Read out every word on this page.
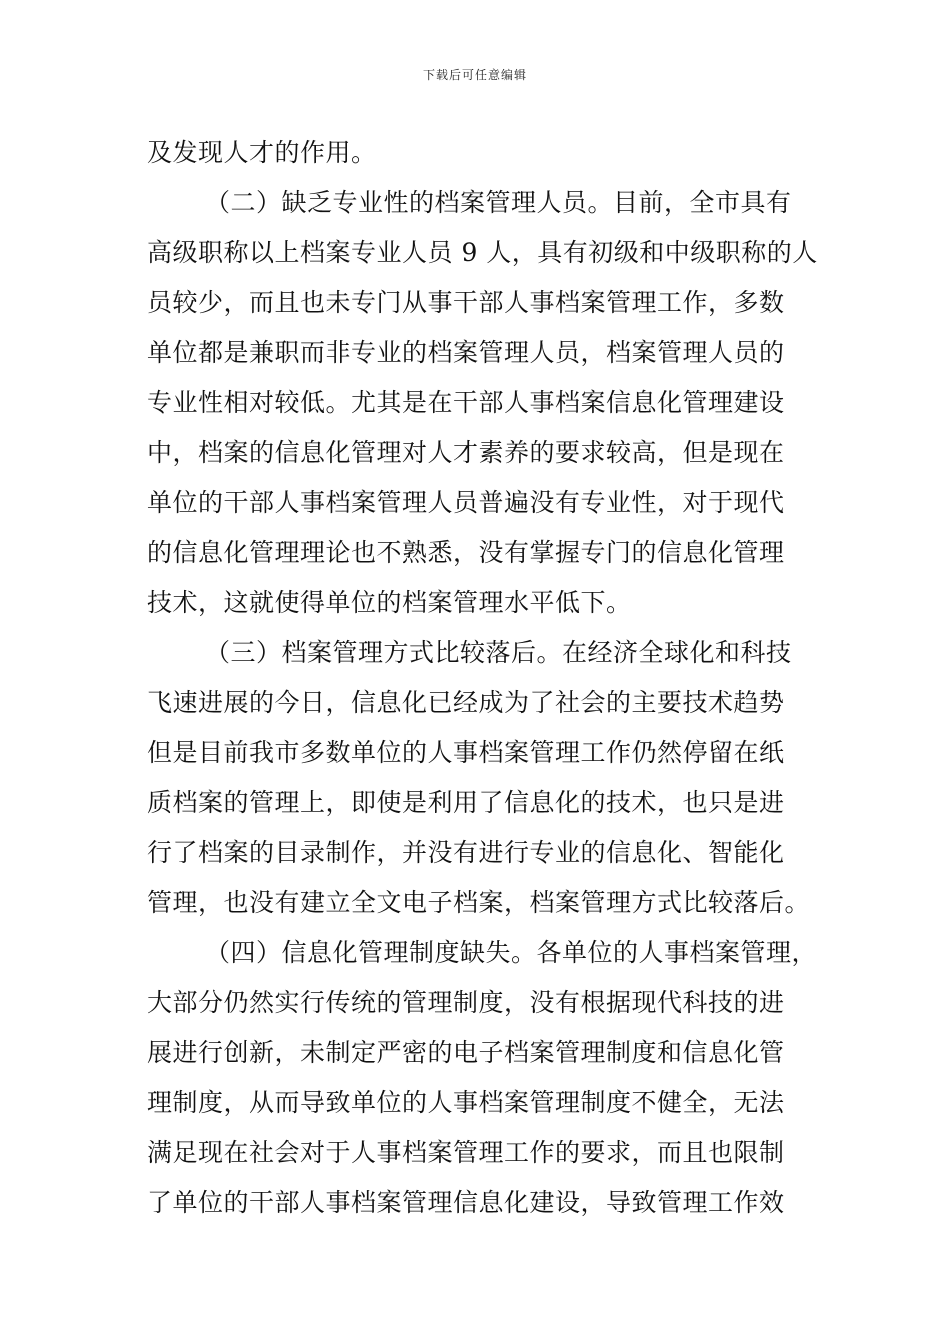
下载后可任意编辑
及发现人才的作用。
（二）缺乏专业性的档案管理人员。目前，全市具有
高级职称以上档案专业人员 9 人，具有初级和中级职称的人
员较少，而且也未专门从事干部人事档案管理工作，多数
单位都是兼职而非专业的档案管理人员，档案管理人员的
专业性相对较低。尤其是在干部人事档案信息化管理建设
中，档案的信息化管理对人才素养的要求较高，但是现在
单位的干部人事档案管理人员普遍没有专业性，对于现代
的信息化管理理论也不熟悉，没有掌握专门的信息化管理
技术，这就使得单位的档案管理水平低下。
（三）档案管理方式比较落后。在经济全球化和科技
飞速进展的今日，信息化已经成为了社会的主要技术趋势
但是目前我市多数单位的人事档案管理工作仍然停留在纸
质档案的管理上，即使是利用了信息化的技术，也只是进
行了档案的目录制作，并没有进行专业的信息化、智能化
管理，也没有建立全文电子档案，档案管理方式比较落后。
（四）信息化管理制度缺失。各单位的人事档案管理，
大部分仍然实行传统的管理制度，没有根据现代科技的进
展进行创新，未制定严密的电子档案管理制度和信息化管
理制度，从而导致单位的人事档案管理制度不健全，无法
满足现在社会对于人事档案管理工作的要求，而且也限制
了单位的干部人事档案管理信息化建设，导致管理工作效
